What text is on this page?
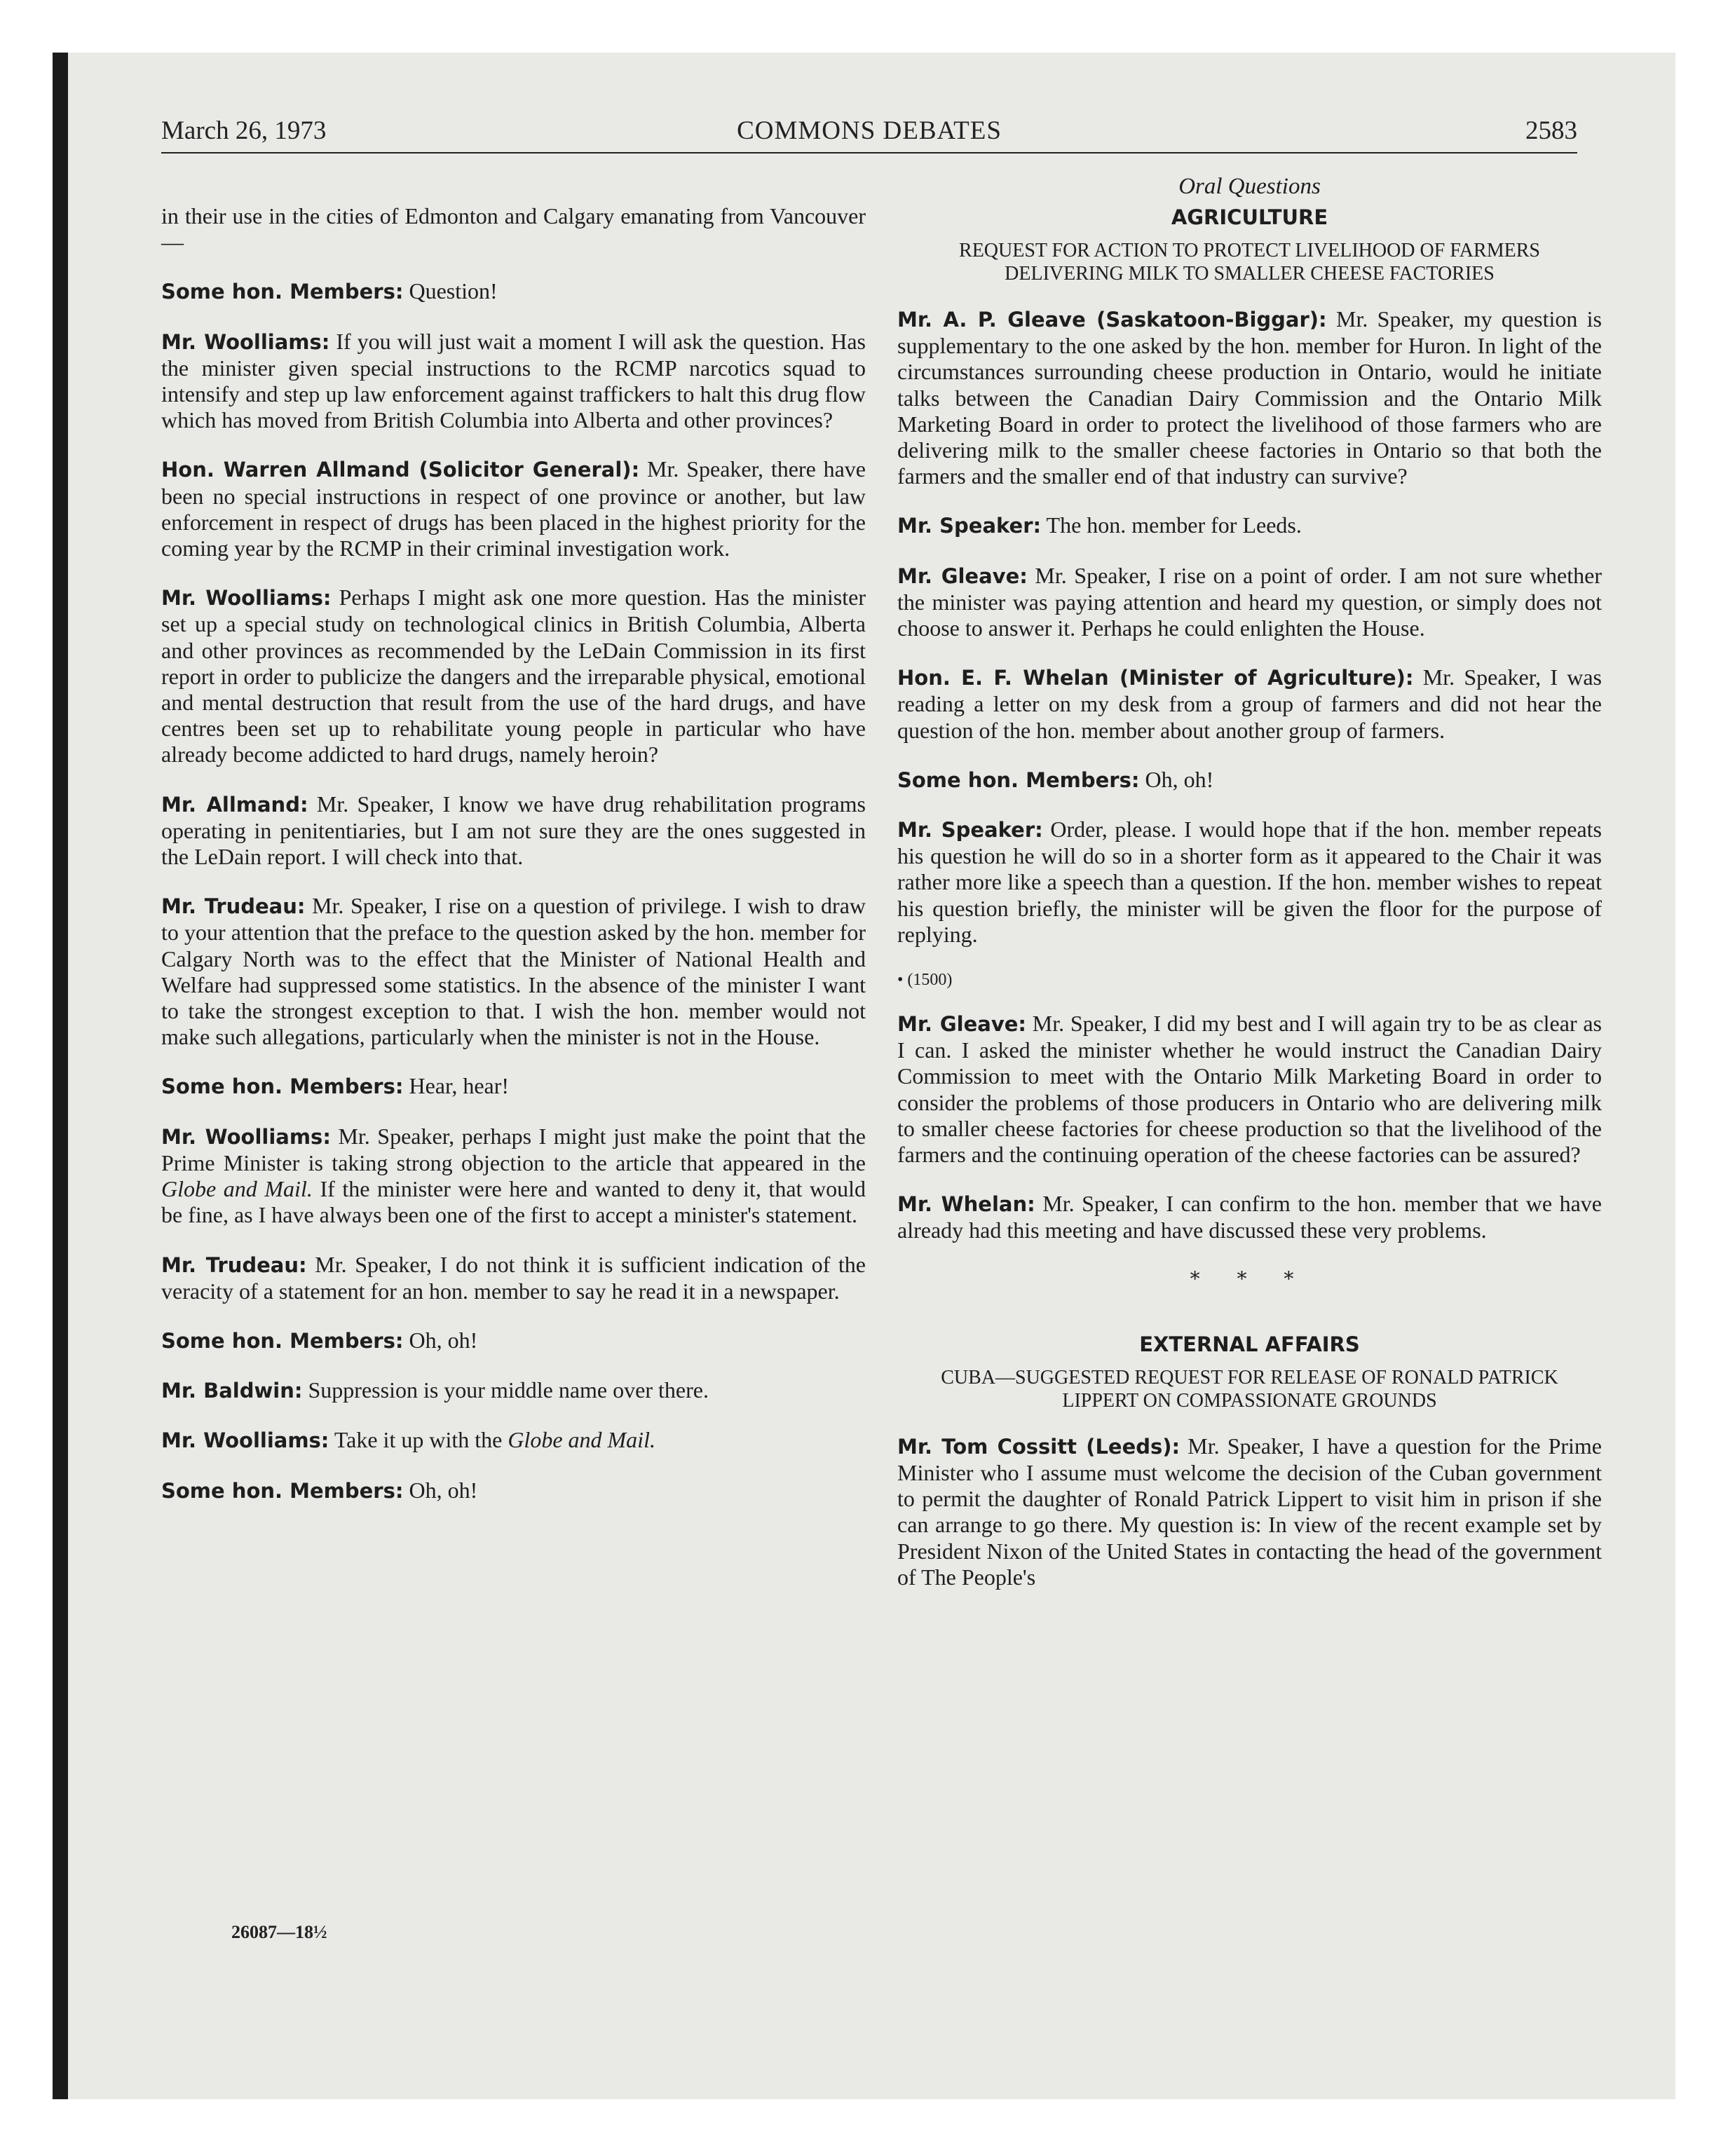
March 26, 1973	COMMONS DEBATES	2583

in their use in the cities of Edmonton and Calgary emanating from Vancouver—

Some hon. Members: Question!

Mr. Woolliams: If you will just wait a moment I will ask the question. Has the minister given special instructions to the RCMP narcotics squad to intensify and step up law enforcement against traffickers to halt this drug flow which has moved from British Columbia into Alberta and other provinces?

Hon. Warren Allmand (Solicitor General): Mr. Speaker, there have been no special instructions in respect of one province or another, but law enforcement in respect of drugs has been placed in the highest priority for the coming year by the RCMP in their criminal investigation work.

Mr. Woolliams: Perhaps I might ask one more question. Has the minister set up a special study on technological clinics in British Columbia, Alberta and other provinces as recommended by the LeDain Commission in its first report in order to publicize the dangers and the irreparable physical, emotional and mental destruction that result from the use of the hard drugs, and have centres been set up to rehabilitate young people in particular who have already become addicted to hard drugs, namely heroin?

Mr. Allmand: Mr. Speaker, I know we have drug rehabilitation programs operating in penitentiaries, but I am not sure they are the ones suggested in the LeDain report. I will check into that.

Mr. Trudeau: Mr. Speaker, I rise on a question of privilege. I wish to draw to your attention that the preface to the question asked by the hon. member for Calgary North was to the effect that the Minister of National Health and Welfare had suppressed some statistics. In the absence of the minister I want to take the strongest exception to that. I wish the hon. member would not make such allegations, particularly when the minister is not in the House.

Some hon. Members: Hear, hear!

Mr. Woolliams: Mr. Speaker, perhaps I might just make the point that the Prime Minister is taking strong objection to the article that appeared in the Globe and Mail. If the minister were here and wanted to deny it, that would be fine, as I have always been one of the first to accept a minister's statement.

Mr. Trudeau: Mr. Speaker, I do not think it is sufficient indication of the veracity of a statement for an hon. member to say he read it in a newspaper.

Some hon. Members: Oh, oh!

Mr. Baldwin: Suppression is your middle name over there.

Mr. Woolliams: Take it up with the Globe and Mail.

Some hon. Members: Oh, oh!

Oral Questions
AGRICULTURE
REQUEST FOR ACTION TO PROTECT LIVELIHOOD OF FARMERS DELIVERING MILK TO SMALLER CHEESE FACTORIES

Mr. A. P. Gleave (Saskatoon-Biggar): Mr. Speaker, my question is supplementary to the one asked by the hon. member for Huron. In light of the circumstances surrounding cheese production in Ontario, would he initiate talks between the Canadian Dairy Commission and the Ontario Milk Marketing Board in order to protect the livelihood of those farmers who are delivering milk to the smaller cheese factories in Ontario so that both the farmers and the smaller end of that industry can survive?

Mr. Speaker: The hon. member for Leeds.

Mr. Gleave: Mr. Speaker, I rise on a point of order. I am not sure whether the minister was paying attention and heard my question, or simply does not choose to answer it. Perhaps he could enlighten the House.

Hon. E. F. Whelan (Minister of Agriculture): Mr. Speaker, I was reading a letter on my desk from a group of farmers and did not hear the question of the hon. member about another group of farmers.

Some hon. Members: Oh, oh!

Mr. Speaker: Order, please. I would hope that if the hon. member repeats his question he will do so in a shorter form as it appeared to the Chair it was rather more like a speech than a question. If the hon. member wishes to repeat his question briefly, the minister will be given the floor for the purpose of replying.

• (1500)

Mr. Gleave: Mr. Speaker, I did my best and I will again try to be as clear as I can. I asked the minister whether he would instruct the Canadian Dairy Commission to meet with the Ontario Milk Marketing Board in order to consider the problems of those producers in Ontario who are delivering milk to smaller cheese factories for cheese production so that the livelihood of the farmers and the continuing operation of the cheese factories can be assured?

Mr. Whelan: Mr. Speaker, I can confirm to the hon. member that we have already had this meeting and have discussed these very problems.

* * *
EXTERNAL AFFAIRS
CUBA—SUGGESTED REQUEST FOR RELEASE OF RONALD PATRICK LIPPERT ON COMPASSIONATE GROUNDS

Mr. Tom Cossitt (Leeds): Mr. Speaker, I have a question for the Prime Minister who I assume must welcome the decision of the Cuban government to permit the daughter of Ronald Patrick Lippert to visit him in prison if she can arrange to go there. My question is: In view of the recent example set by President Nixon of the United States in contacting the head of the government of The People's

26087—18½
